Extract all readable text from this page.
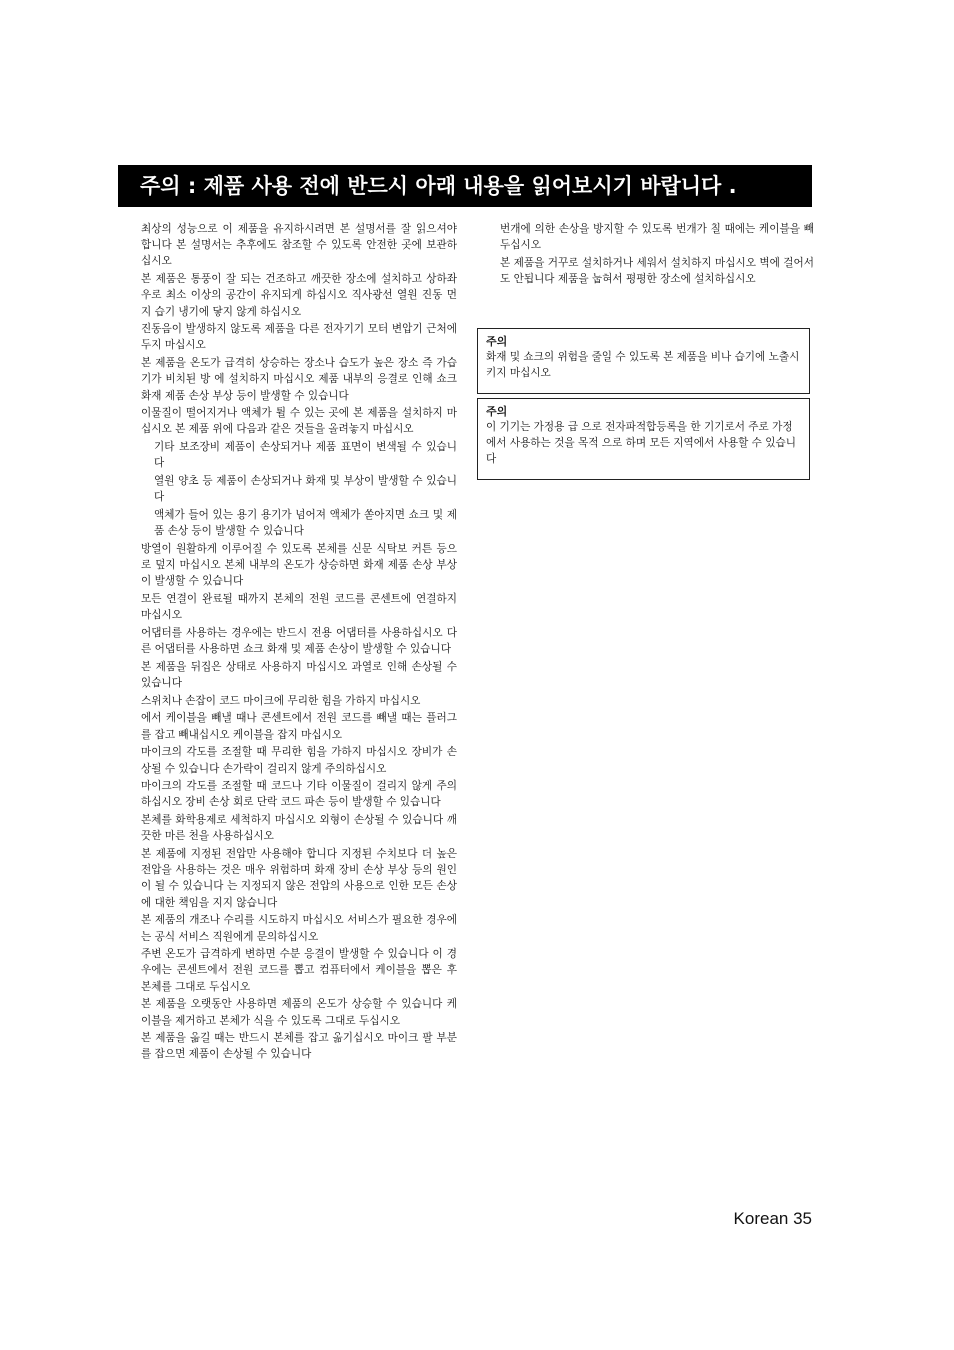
주의 : 제품 사용 전에 반드시 아래 내용을 읽어보시기 바랍니다 .

최상의 성능으로 이 제품을 유지하시려면 본 설명서를 잘 읽으셔야 합니다 본 설명서는 추후에도 참조할 수 있도록 안전한 곳에 보관하십시오

본 제품은 통풍이 잘 되는 건조하고 깨끗한 장소에 설치하고 상하좌우로 최소 이상의 공간이 유지되게 하십시오 직사광선 열원 진동 먼지 습기 냉기에 닿지 않게 하십시오

진동음이 발생하지 않도록 제품을 다른 전자기기 모터 변압기 근처에 두지 마십시오

본 제품을 온도가 급격히 상승하는 장소나 습도가 높은 장소 즉 가습기가 비치된 방 에 설치하지 마십시오 제품 내부의 응결로 인해 쇼크 화재 제품 손상 부상 등이 발생할 수 있습니다

이물질이 떨어지거나 액체가 튈 수 있는 곳에 본 제품을 설치하지 마십시오 본 제품 위에 다음과 같은 것들을 올려놓지 마십시오

기타 보조장비 제품이 손상되거나 제품 표면이 변색될 수 있습니다

열원 양초 등 제품이 손상되거나 화재 및 부상이 발생할 수 있습니다

액체가 들어 있는 용기 용기가 넘어져 액체가 쏟아지면 쇼크 및 제품 손상 등이 발생할 수 있습니다

방열이 원활하게 이루어질 수 있도록 본체를 신문 식탁보 커튼 등으로 덮지 마십시오 본체 내부의 온도가 상승하면 화재 제품 손상 부상이 발생할 수 있습니다

모든 연결이 완료될 때까지 본체의 전원 코드를 콘센트에 연결하지 마십시오

어댑터를 사용하는 경우에는 반드시 전용 어댑터를 사용하십시오 다른 어댑터를 사용하면 쇼크 화재 및 제품 손상이 발생할 수 있습니다

본 제품을 뒤집은 상태로 사용하지 마십시오 과열로 인해 손상될 수 있습니다

스위치나 손잡이 코드 마이크에 무리한 힘을 가하지 마십시오

에서 케이블을 빼낼 때나 콘센트에서 전원 코드를 빼낼 때는 플러그를 잡고 빼내십시오 케이블을 잡지 마십시오

마이크의 각도를 조절할 때 무리한 힘을 가하지 마십시오 장비가 손상될 수 있습니다 손가락이 걸리지 않게 주의하십시오

마이크의 각도를 조절할 때 코드나 기타 이물질이 걸리지 않게 주의하십시오 장비 손상 회로 단락 코드 파손 등이 발생할 수 있습니다

본체를 화학용제로 세척하지 마십시오 외형이 손상될 수 있습니다 깨끗한 마른 천을 사용하십시오

본 제품에 지정된 전압만 사용해야 합니다 지정된 수치보다 더 높은 전압을 사용하는 것은 매우 위험하며 화재 장비 손상 부상 등의 원인이 될 수 있습니다 는 지정되지 않은 전압의 사용으로 인한 모든 손상에 대한 책임을 지지 않습니다

본 제품의 개조나 수리를 시도하지 마십시오 서비스가 필요한 경우에는 공식 서비스 직원에게 문의하십시오

주변 온도가 급격하게 변하면 수분 응결이 발생할 수 있습니다 이 경우에는 콘센트에서 전원 코드를 뽑고 컴퓨터에서 케이블을 뽑은 후 본체를 그대로 두십시오

본 제품을 오랫동안 사용하면 제품의 온도가 상승할 수 있습니다 케이블을 제거하고 본체가 식을 수 있도록 그대로 두십시오

본 제품을 옮길 때는 반드시 본체를 잡고 옮기십시오 마이크 팔 부분 를 잡으면 제품이 손상될 수 있습니다

번개에 의한 손상을 방지할 수 있도록 번개가 칠 때에는 케이블을 빼 두십시오

본 제품을 거꾸로 설치하거나 세워서 설치하지 마십시오 벽에 걸어서도 안됩니다 제품을 눕혀서 평평한 장소에 설치하십시오

주의
화재 및 쇼크의 위험을 줄일 수 있도록 본 제품을 비나 습기에 노출시키지 마십시오
주의
이 기기는 가정용 급 으로 전자파적합등록을 한 기기로서 주로 가정에서 사용하는 것을 목적 으로 하며 모든 지역에서 사용할 수 있습니다
Korean 35
